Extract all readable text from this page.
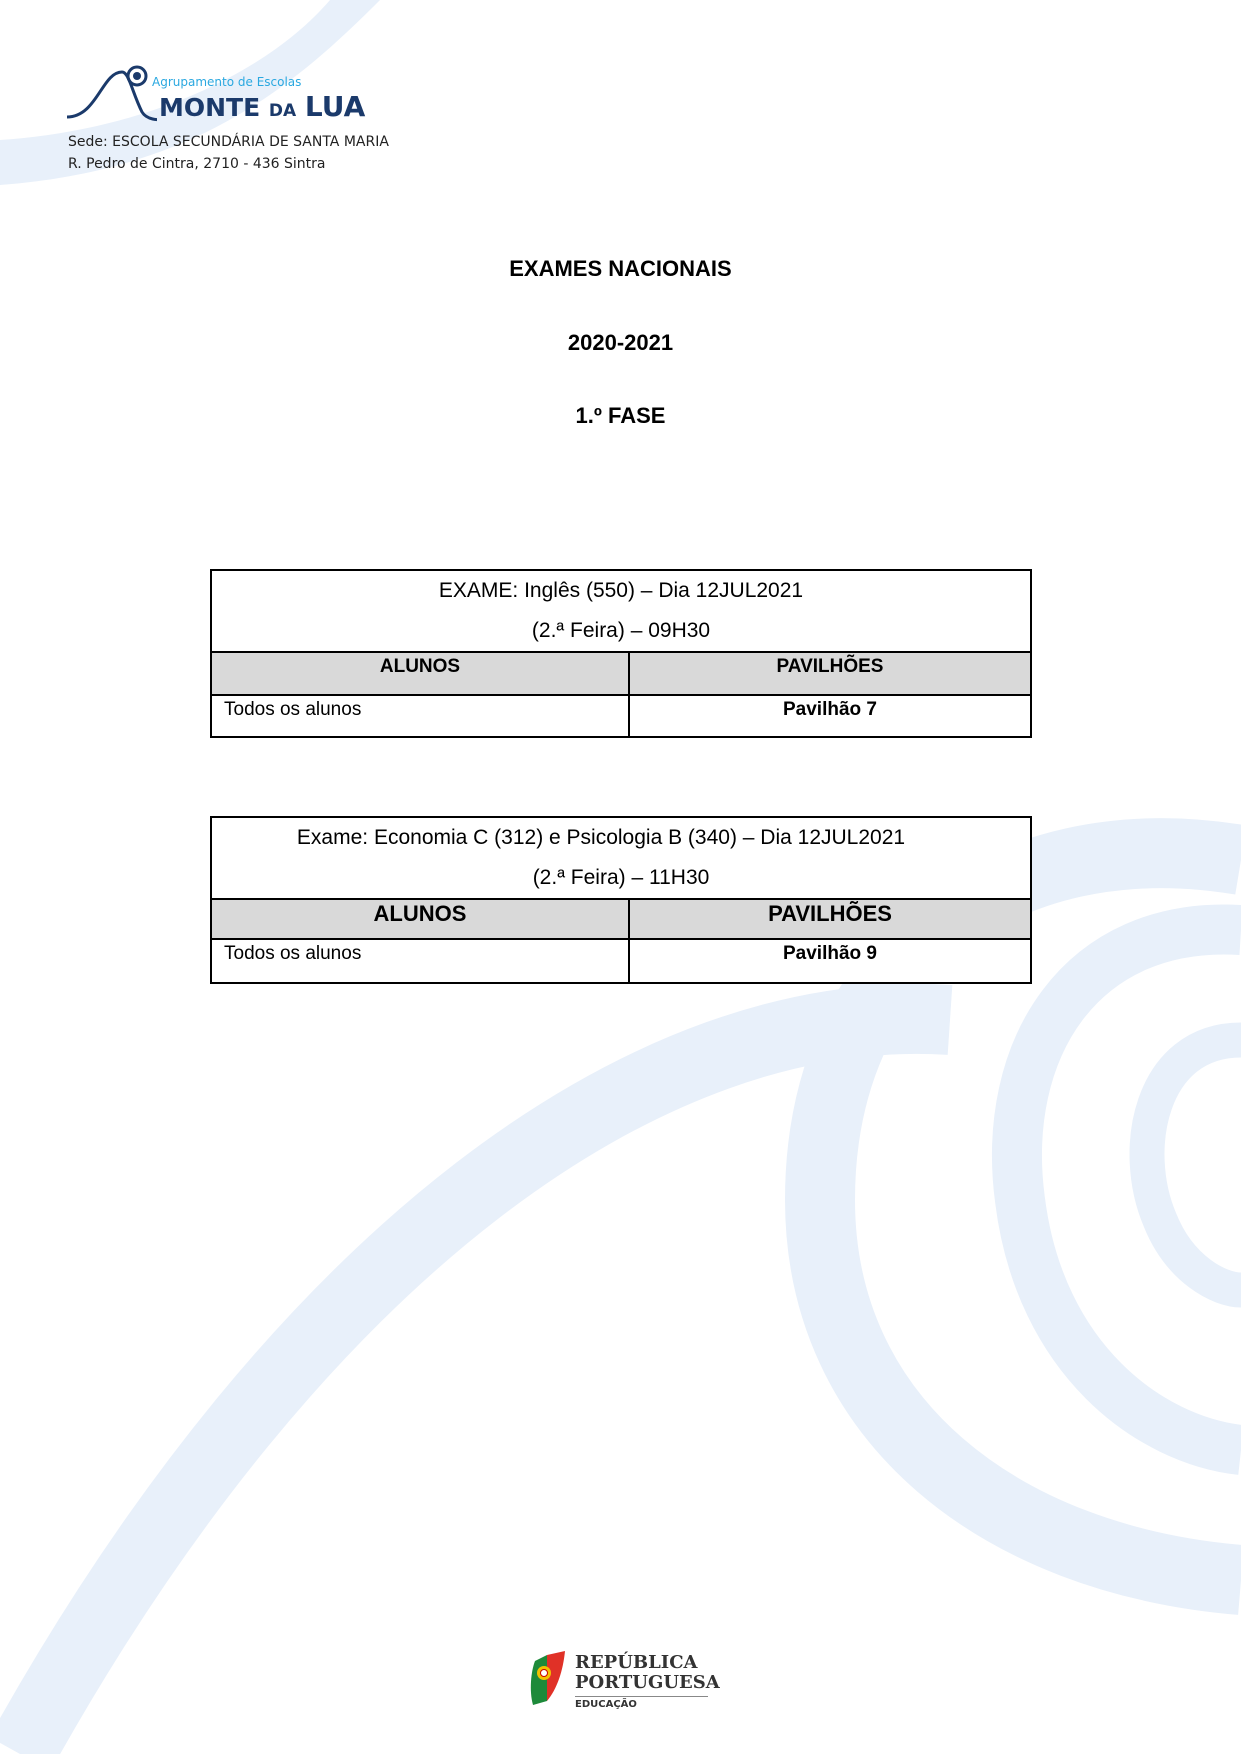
Agrupamento de Escolas
MONTE DA LUA
Sede: ESCOLA SECUNDÁRIA DE SANTA MARIA
R. Pedro de Cintra, 2710 - 436 Sintra
EXAMES NACIONAIS
2020-2021
1.º FASE
EXAME: Inglês (550) – Dia 12JUL2021
(2.ª Feira) – 09H30	

ALUNOS	PAVILHÕES
Todos os alunos	Pavilhão 7
Exame: Economia C (312) e Psicologia B (340) – Dia 12JUL2021
(2.ª Feira) – 11H30	

ALUNOS	PAVILHÕES
Todos os alunos	Pavilhão 9
REPÚBLICA
PORTUGUESA
EDUCAÇÃO
